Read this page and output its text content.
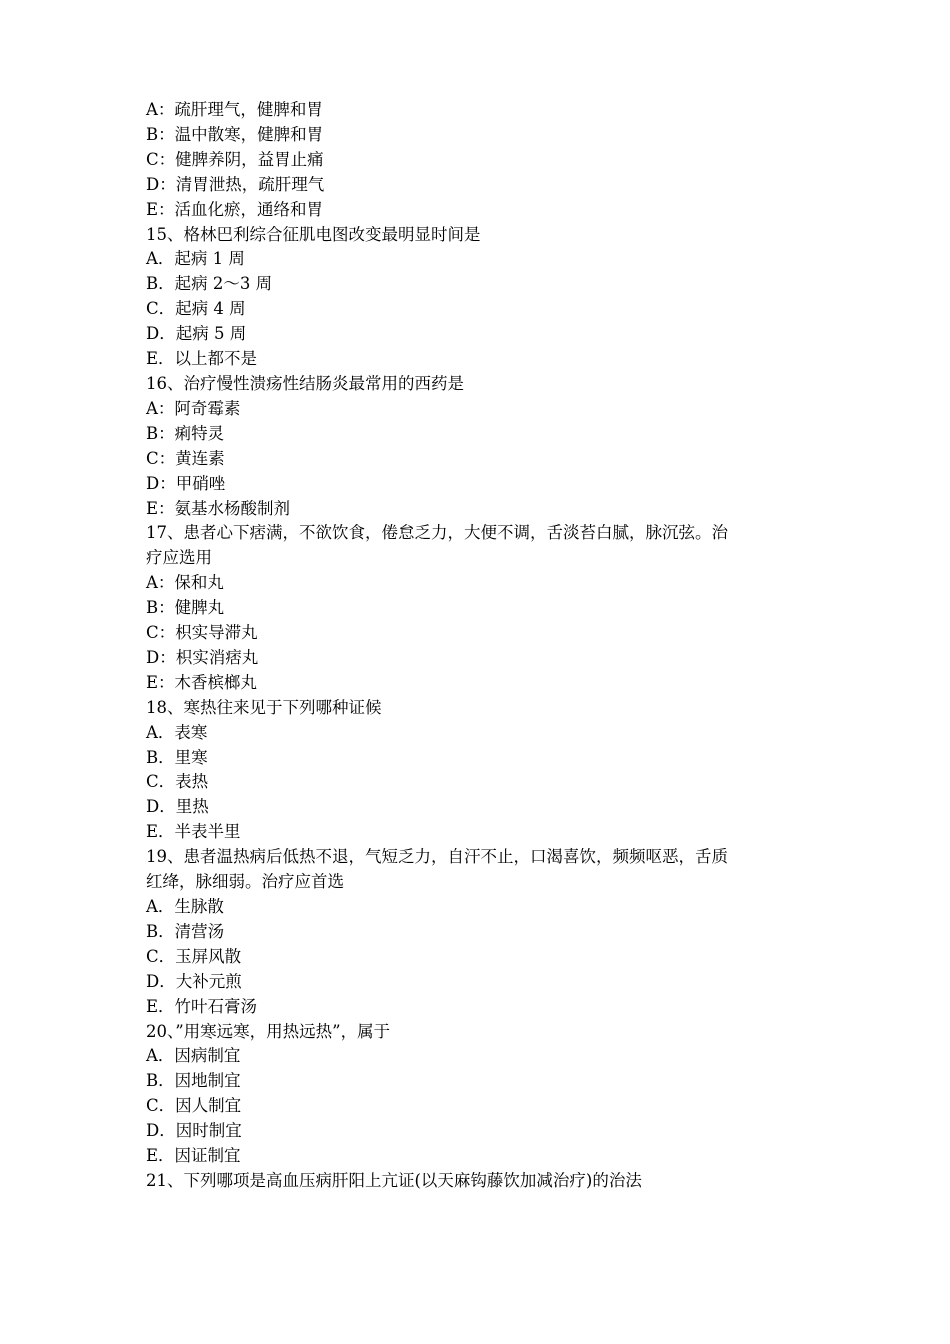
A：疏肝理气，健脾和胃
B：温中散寒，健脾和胃
C：健脾养阴，益胃止痛
D：清胃泄热，疏肝理气
E：活血化瘀，通络和胃
15、格林巴利综合征肌电图改变最明显时间是
A．起病 1 周
B．起病 2～3 周
C．起病 4 周
D．起病 5 周
E．以上都不是
16、治疗慢性溃疡性结肠炎最常用的西药是
A：阿奇霉素
B：痢特灵
C：黄连素
D：甲硝唑
E：氨基水杨酸制剂
17、患者心下痞满，不欲饮食，倦怠乏力，大便不调，舌淡苔白腻，脉沉弦。治
疗应选用
A：保和丸
B：健脾丸
C：枳实导滞丸
D：枳实消痞丸
E：木香槟榔丸
18、寒热往来见于下列哪种证候
A．表寒
B．里寒
C．表热
D．里热
E．半表半里
19、患者温热病后低热不退，气短乏力，自汗不止，口渴喜饮，频频呕恶，舌质
红绛，脉细弱。治疗应首选
A．生脉散
B．清营汤
C．玉屏风散
D．大补元煎
E．竹叶石膏汤
20、”用寒远寒，用热远热”，属于
A．因病制宜
B．因地制宜
C．因人制宜
D．因时制宜
E．因证制宜
21、下列哪项是高血压病肝阳上亢证(以天麻钩藤饮加减治疗)的治法
